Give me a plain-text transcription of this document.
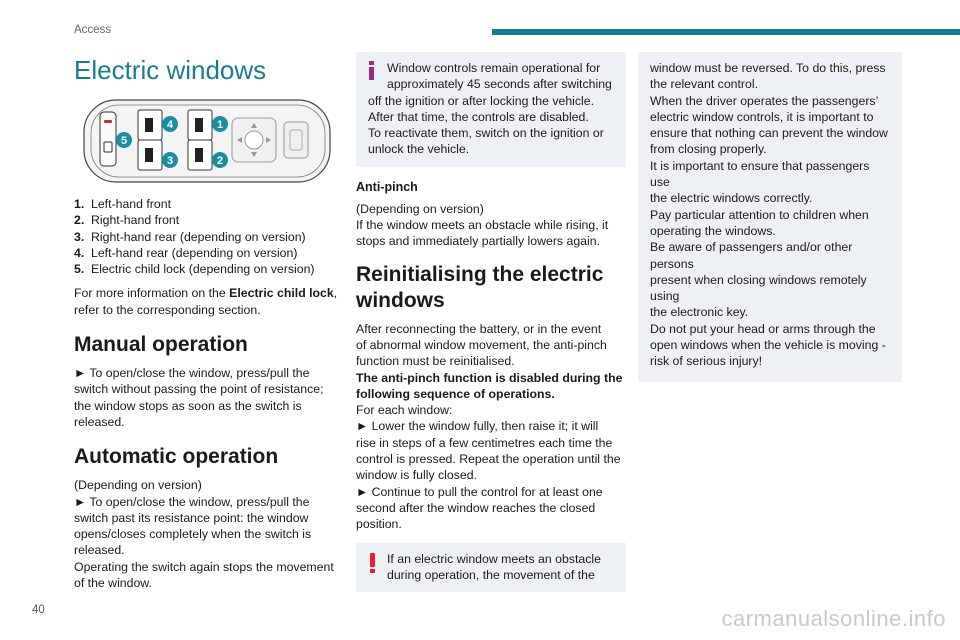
Access
40	carmanualsonline.info
Electric windows
1
2
3
4
5
1. Left-hand front
2. Right-hand front
3. Right-hand rear (depending on version)
4. Left-hand rear (depending on version)
5. Electric child lock (depending on version)

For more information on the Electric child lock,
refer to the corresponding section.

Manual operation

► To open/close the window, press/pull the
switch without passing the point of resistance;
the window stops as soon as the switch is
released.

Automatic operation

(Depending on version)
► To open/close the window, press/pull the
switch past its resistance point: the window
opens/closes completely when the switch is
released.
Operating the switch again stops the movement
of the window.

Window controls remain operational for
approximately 45 seconds after switching
off the ignition or after locking the vehicle.
After that time, the controls are disabled.
To reactivate them, switch on the ignition or
unlock the vehicle.
Anti-pinch

(Depending on version)
If the window meets an obstacle while rising, it
stops and immediately partially lowers again.

Reinitialising the electric
windows

After reconnecting the battery, or in the event
of abnormal window movement, the anti-pinch
function must be reinitialised.
The anti-pinch function is disabled during the
following sequence of operations.
For each window:
► Lower the window fully, then raise it; it will
rise in steps of a few centimetres each time the
control is pressed. Repeat the operation until the
window is fully closed.
► Continue to pull the control for at least one
second after the window reaches the closed
position.

If an electric window meets an obstacle
during operation, the movement of the
window must be reversed. To do this, press
the relevant control.
When the driver operates the passengers’
electric window controls, it is important to
ensure that nothing can prevent the window
from closing properly.
It is important to ensure that passengers use
the electric windows correctly.
Pay particular attention to children when
operating the windows.
Be aware of passengers and/or other persons
present when closing windows remotely using
the electronic key.
Do not put your head or arms through the
open windows when the vehicle is moving -
risk of serious injury!
